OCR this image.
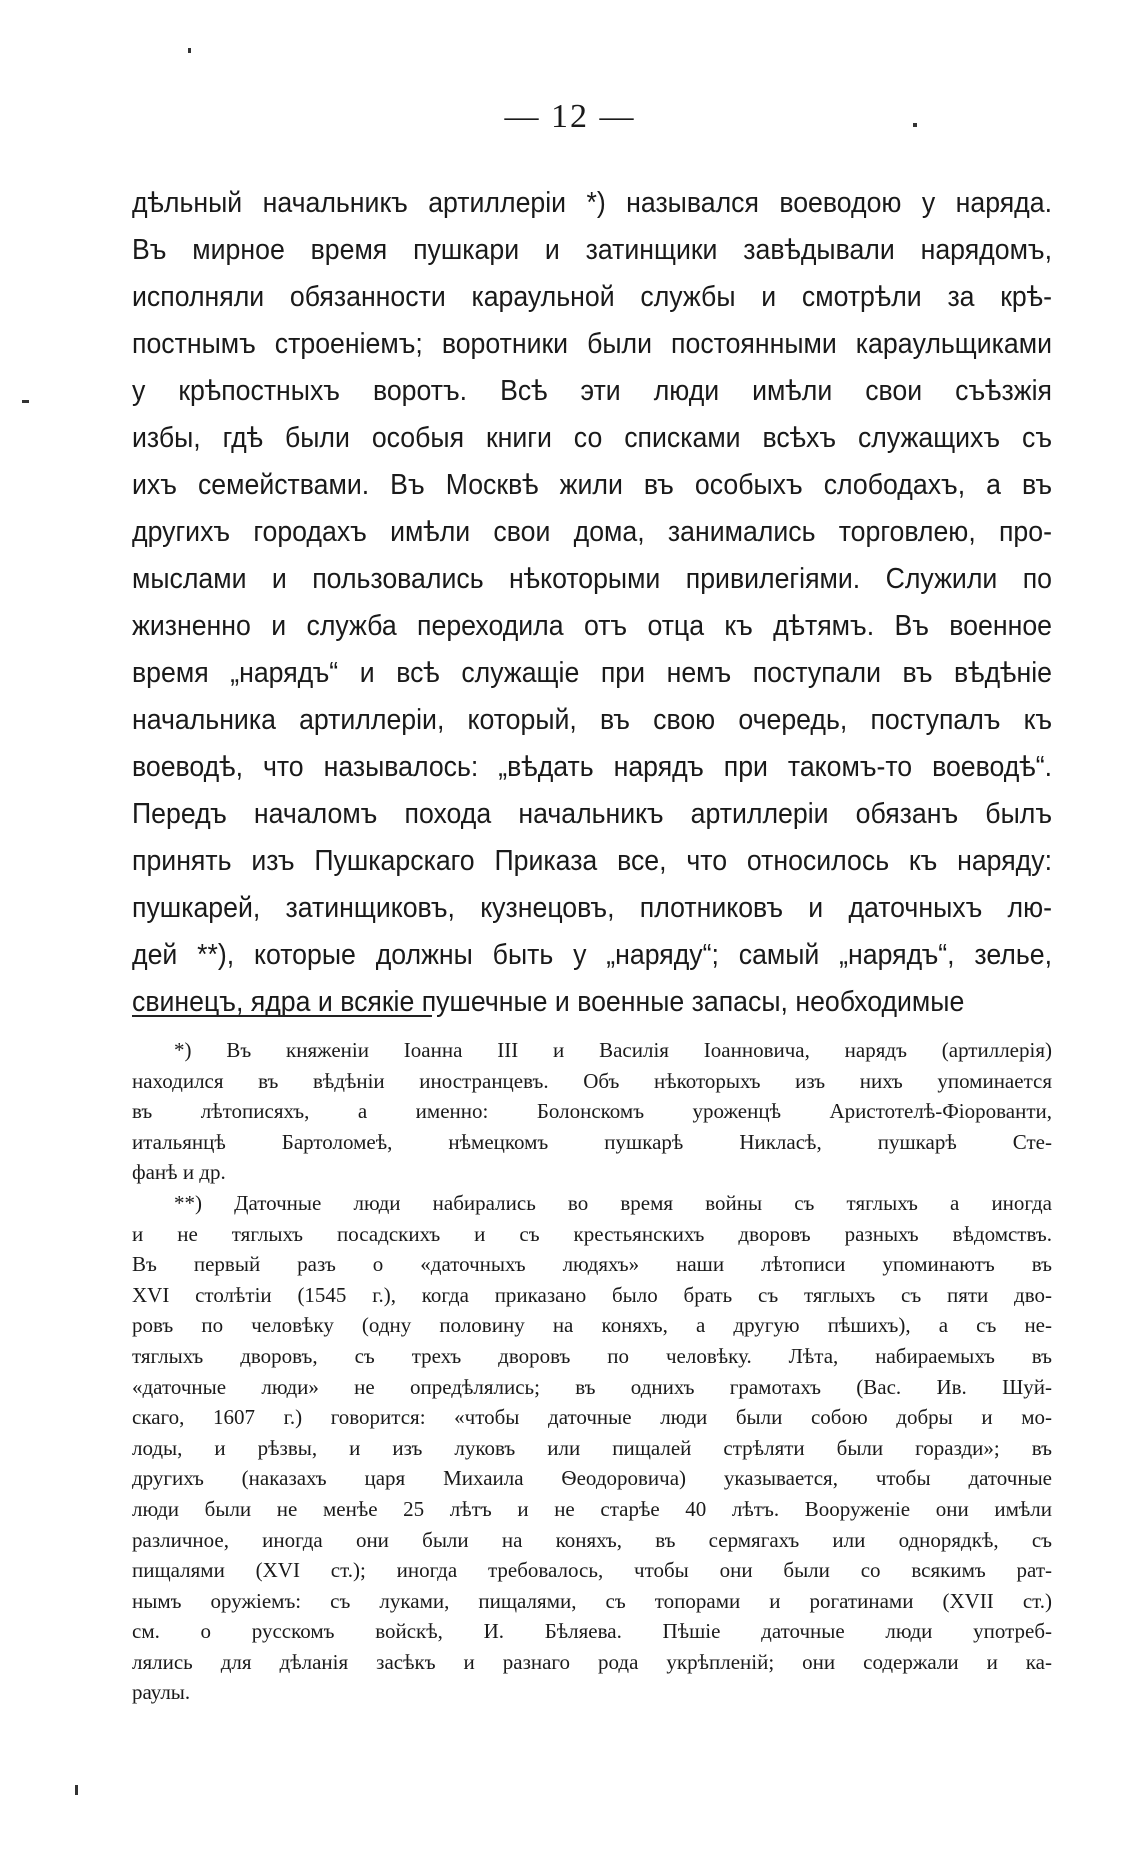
— 12 —
дѣльный начальникъ артиллеріи *) назывался воеводою у наряда.
Въ мирное время пушкари и затинщики завѣдывали нарядомъ,
исполняли обязанности караульной службы и смотрѣли за крѣ-
постнымъ строеніемъ; воротники были постоянными карaульщиками
у крѣпостныхъ воротъ. Всѣ эти люди имѣли свои съѣзжія
избы, гдѣ были особыя книги со списками всѣхъ служащихъ съ
ихъ семействами. Въ Москвѣ жили въ особыхъ слободахъ, а въ
другихъ городахъ имѣли свои дома, занимались торговлею, про-
мыслами и пользовались нѣкоторыми привилегіями. Служили по
жизненно и служба переходила отъ отца къ дѣтямъ. Въ военное
время „нарядъ“ и всѣ служащіе при немъ поступали въ вѣдѣніе
начальника артиллеріи, который, въ свою очередь, поступалъ къ
воеводѣ, что называлось: „вѣдать нарядъ при такомъ-то воеводѣ“.
Передъ началомъ похода начальникъ артиллеріи обязанъ былъ
принять изъ Пушкарскаго Приказа все, что относилось къ наряду:
пушкарей, затинщиковъ, кузнецовъ, плотниковъ и даточныхъ лю-
дей **), которые должны быть у „наряду“; самый „нарядъ“, зелье,
свинецъ, ядра и всякіе пушечные и военные запасы, необходимые
*) Въ княженіи Іоанна III и Василія Іоанновича, нарядъ (артиллерія)
находился въ вѣдѣніи иностранцевъ. Объ нѣкоторыхъ изъ нихъ упоминается
въ лѣтописяхъ, а именно: Болонскомъ уроженцѣ Аристотелѣ-Фіорованти,
итальянцѣ Бартоломеѣ, нѣмецкомъ пушкарѣ Никласѣ, пушкарѣ Сте-
фанѣ и др.
**) Даточные люди набирались во время войны съ тяглыхъ а иногда
и не тяглыхъ посадскихъ и съ крестьянскихъ дворовъ разныхъ вѣдомствъ.
Въ первый разъ о «даточныхъ людяхъ» наши лѣтописи упоминаютъ въ
XVI столѣтіи (1545 г.), когда приказано было брать съ тяглыхъ съ пяти дво-
ровъ по человѣку (одну половину на коняхъ, а другую пѣшихъ), а съ не-
тяглыхъ дворовъ, съ трехъ дворовъ по человѣку. Лѣта, набираемыхъ въ
«даточные люди» не опредѣлялись; въ однихъ грамотахъ (Вас. Ив. Шуй-
скаго, 1607 г.) говорится: «чтобы даточные люди были собою добры и мо-
лоды, и рѣзвы, и изъ луковъ или пищалей стрѣляти были горазди»; въ
другихъ (наказахъ царя Михаила Ѳеодоровича) указывается, чтобы даточные
люди были не менѣе 25 лѣтъ и не старѣе 40 лѣтъ. Вооруженіе они имѣли
различное, иногда они были на коняхъ, въ сермягахъ или однорядкѣ, съ
пищалями (XVI ст.); иногда требовалось, чтобы они были со всякимъ рат-
нымъ оружіемъ: съ луками, пищалями, съ топорами и рогатинами (XVII ст.)
см. о русскомъ войскѣ, И. Бѣляева. Пѣшіе даточные люди употреб-
лялись для дѣланія засѣкъ и разнаго рода укрѣпленій; они содержали и ка-
раулы.
